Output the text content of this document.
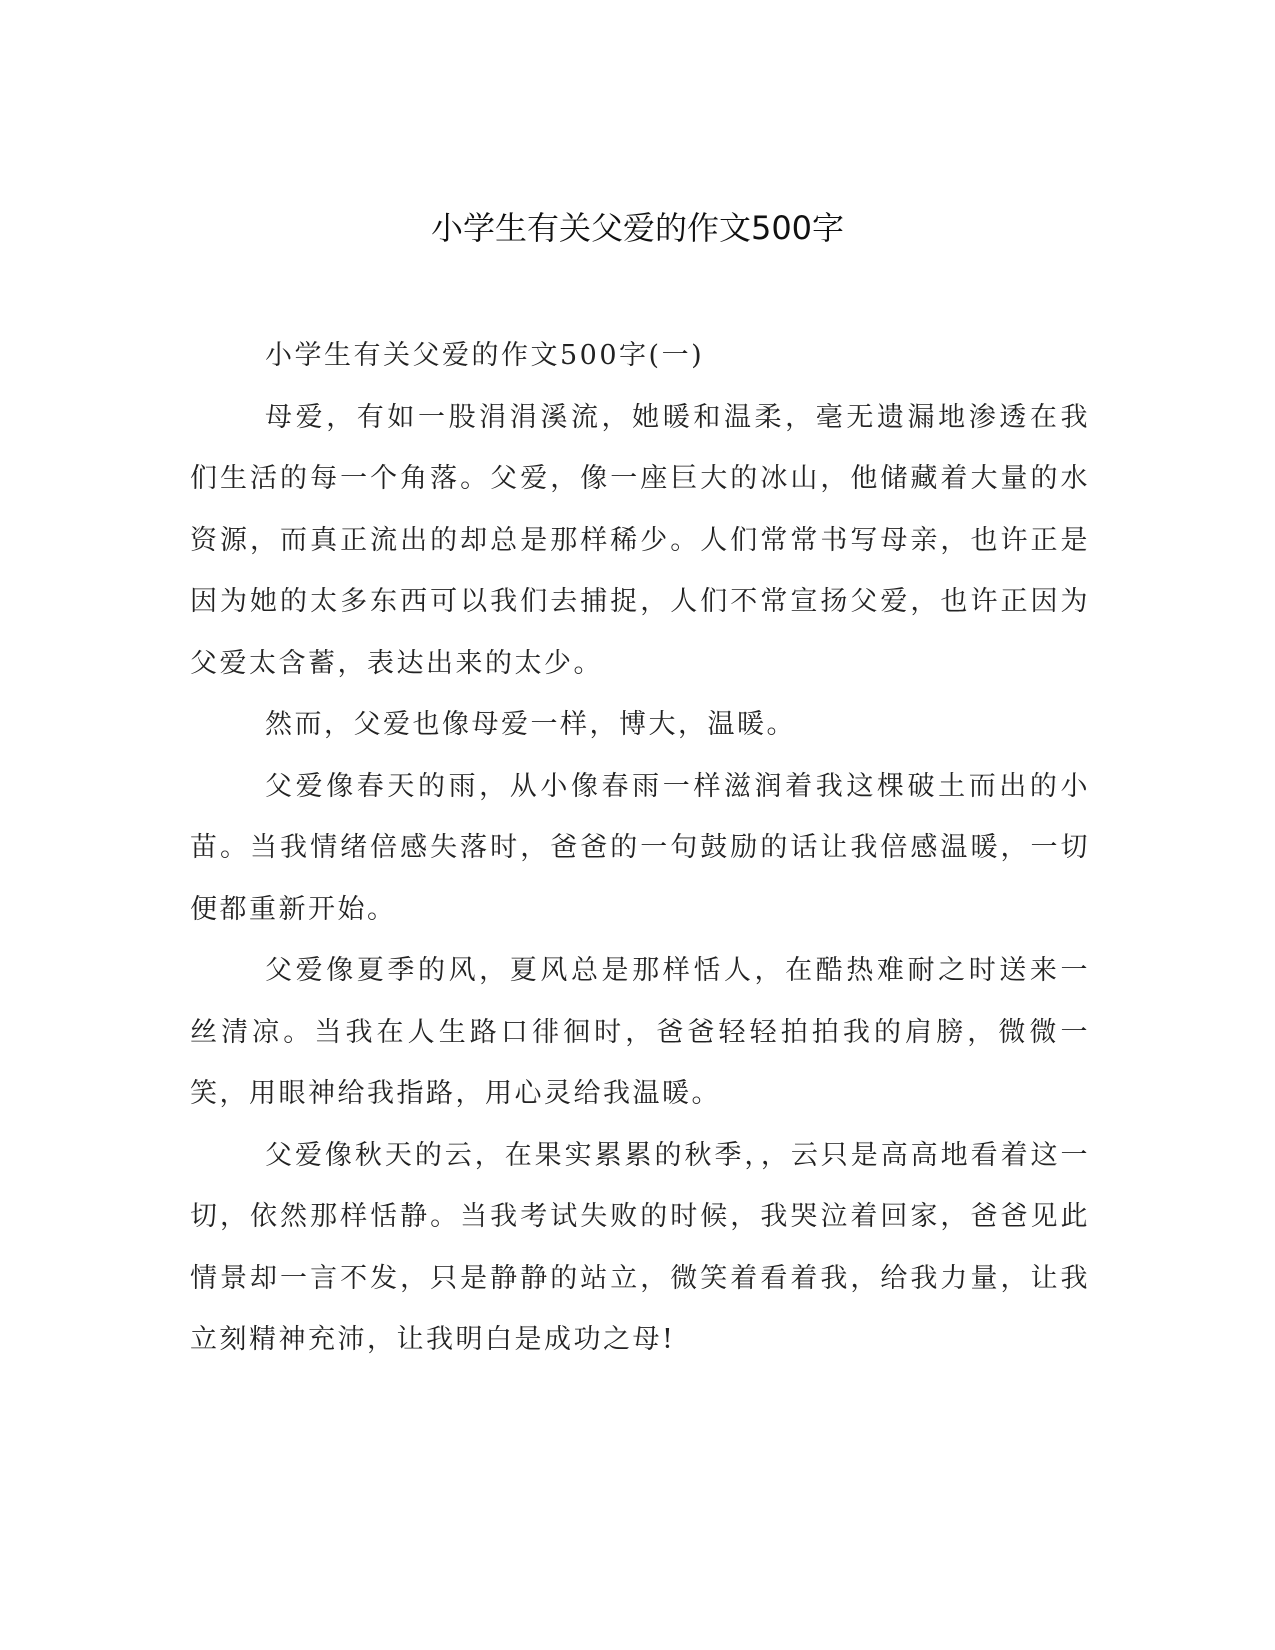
小学生有关父爱的作文500字

小学生有关父爱的作文500字(一)

母爱，有如一股涓涓溪流，她暖和温柔，毫无遗漏地渗透在我们生活的每一个角落。父爱，像一座巨大的冰山，他储藏着大量的水资源，而真正流出的却总是那样稀少。人们常常书写母亲，也许正是因为她的太多东西可以我们去捕捉，人们不常宣扬父爱，也许正因为父爱太含蓄，表达出来的太少。

然而，父爱也像母爱一样，博大，温暖。

父爱像春天的雨，从小像春雨一样滋润着我这棵破土而出的小苗。当我情绪倍感失落时，爸爸的一句鼓励的话让我倍感温暖，一切便都重新开始。

父爱像夏季的风，夏风总是那样恬人，在酷热难耐之时送来一丝清凉。当我在人生路口徘徊时，爸爸轻轻拍拍我的肩膀，微微一笑，用眼神给我指路，用心灵给我温暖。

父爱像秋天的云，在果实累累的秋季，，云只是高高地看着这一切，依然那样恬静。当我考试失败的时候，我哭泣着回家，爸爸见此情景却一言不发，只是静静的站立，微笑着看着我，给我力量，让我立刻精神充沛，让我明白是成功之母!
